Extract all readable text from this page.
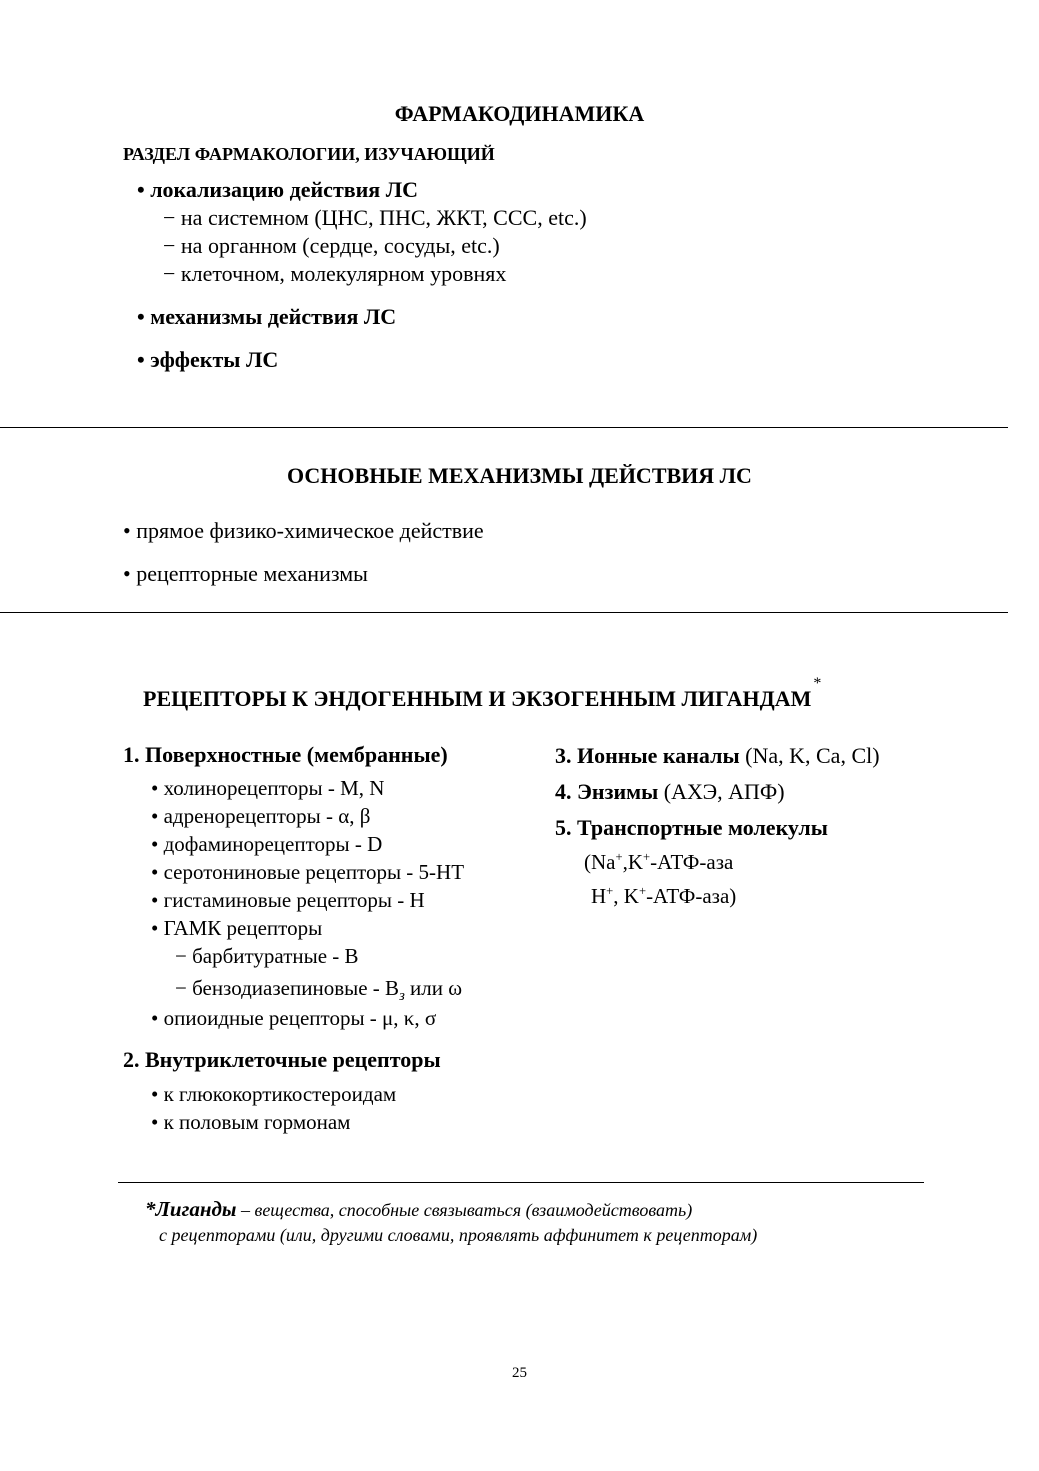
ФАРМАКОДИНАМИКА
РАЗДЕЛ ФАРМАКОЛОГИИ, ИЗУЧАЮЩИЙ
• локализацию действия ЛС
− на системном (ЦНС, ПНС, ЖКТ, ССС, etc.)
− на органном (сердце, сосуды, etc.)
− клеточном, молекулярном уровнях
• механизмы действия ЛС
• эффекты ЛС
ОСНОВНЫЕ МЕХАНИЗМЫ ДЕЙСТВИЯ ЛС
• прямое физико-химическое действие
• рецепторные механизмы
РЕЦЕПТОРЫ К ЭНДОГЕННЫМ И ЭКЗОГЕННЫМ ЛИГАНДАМ*
1. Поверхностные (мембранные)
• холинорецепторы - M, N
• адренорецепторы - α, β
• дофаминорецепторы - D
• серотониновые рецепторы - 5-HT
• гистаминовые рецепторы - H
• ГАМК рецепторы
− барбитуратные - B
− бензодиазепиновые - $B_з$ или ω
• опиоидные рецепторы - μ, κ, σ
2. Внутриклеточные рецепторы
• к глюкокортикостероидам
• к половым гормонам
3. Ионные каналы (Na, K, Ca, Cl)
4. Энзимы (АХЭ, АПФ)
5. Транспортные молекулы
(Na+,K+-АТФ-аза
H+, K+-АТФ-аза)
*Лиганды – вещества, способные связываться (взаимодействовать)
с рецепторами (или, другими словами, проявлять аффинитет к рецепторам)
25
